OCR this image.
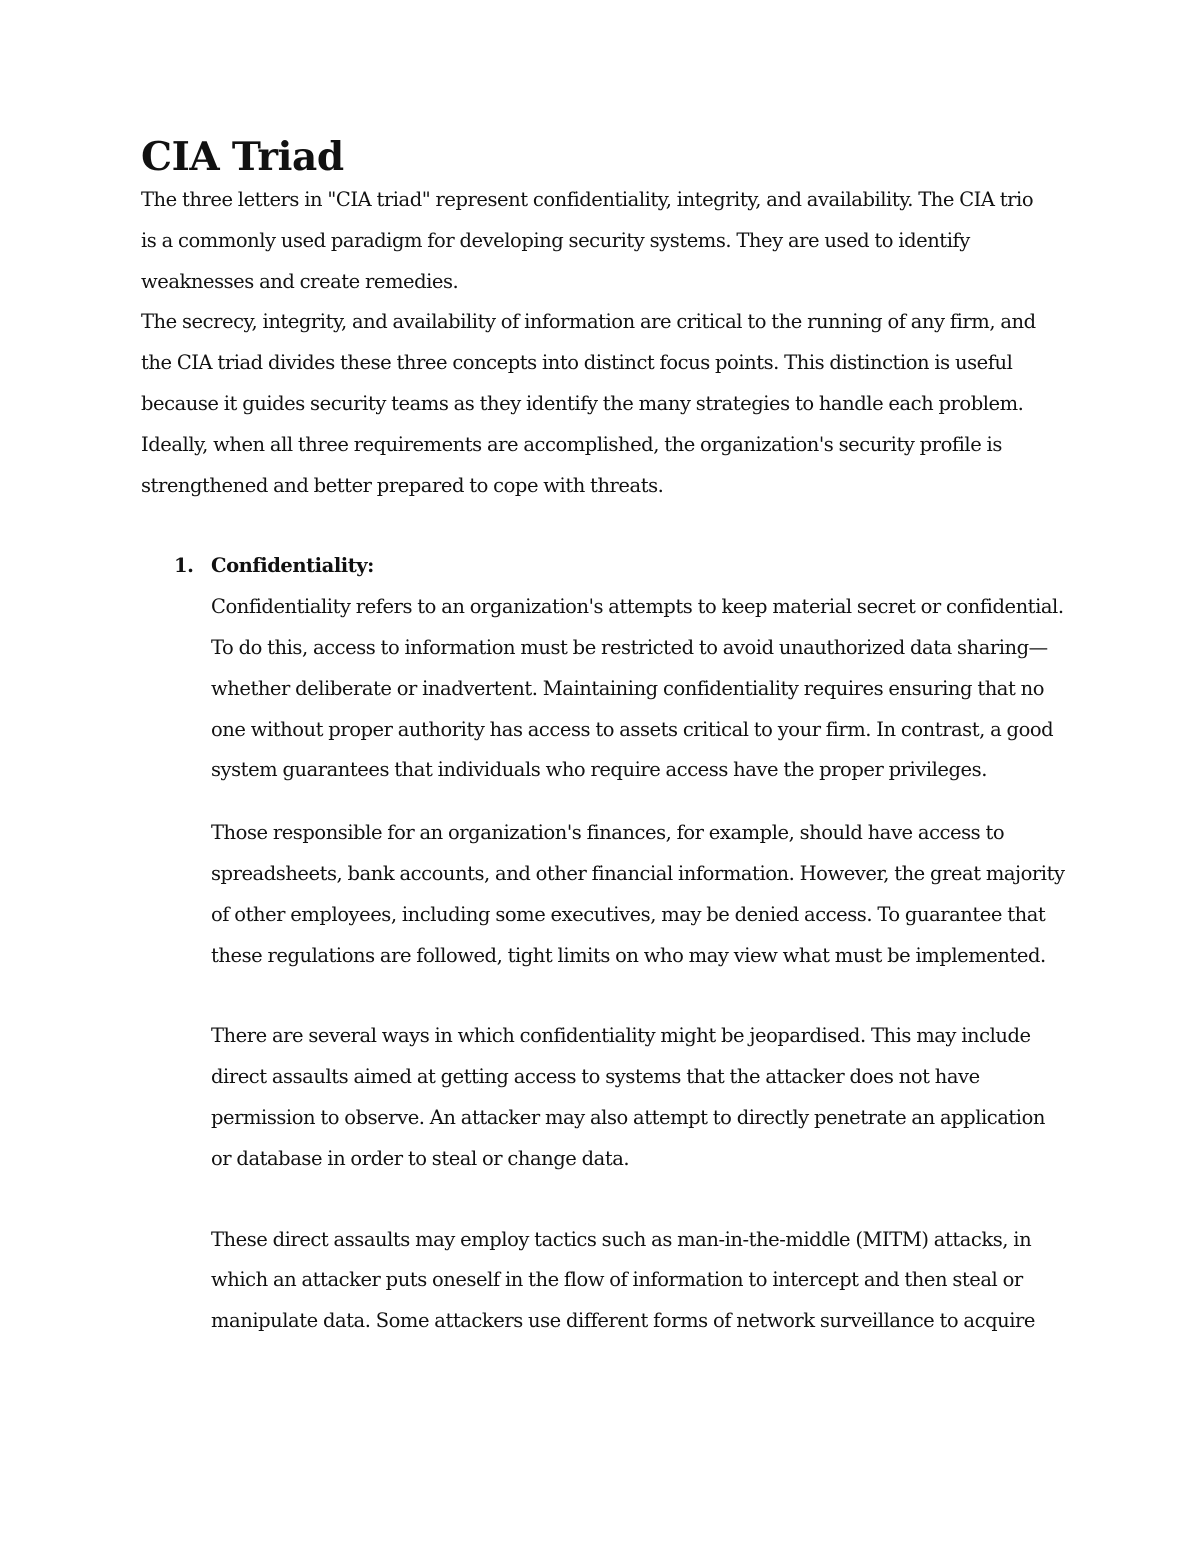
CIA Triad
The three letters in "CIA triad" represent confidentiality, integrity, and availability. The CIA trio
is a commonly used paradigm for developing security systems. They are used to identify
weaknesses and create remedies.
The secrecy, integrity, and availability of information are critical to the running of any firm, and
the CIA triad divides these three concepts into distinct focus points. This distinction is useful
because it guides security teams as they identify the many strategies to handle each problem.
Ideally, when all three requirements are accomplished, the organization's security profile is
strengthened and better prepared to cope with threats.

1. Confidentiality:

Confidentiality refers to an organization's attempts to keep material secret or confidential.
To do this, access to information must be restricted to avoid unauthorized data sharing—
whether deliberate or inadvertent. Maintaining confidentiality requires ensuring that no
one without proper authority has access to assets critical to your firm. In contrast, a good
system guarantees that individuals who require access have the proper privileges.
Those responsible for an organization's finances, for example, should have access to
spreadsheets, bank accounts, and other financial information. However, the great majority
of other employees, including some executives, may be denied access. To guarantee that
these regulations are followed, tight limits on who may view what must be implemented.
There are several ways in which confidentiality might be jeopardised. This may include
direct assaults aimed at getting access to systems that the attacker does not have
permission to observe. An attacker may also attempt to directly penetrate an application
or database in order to steal or change data.
These direct assaults may employ tactics such as man-in-the-middle (MITM) attacks, in
which an attacker puts oneself in the flow of information to intercept and then steal or
manipulate data. Some attackers use different forms of network surveillance to acquire
